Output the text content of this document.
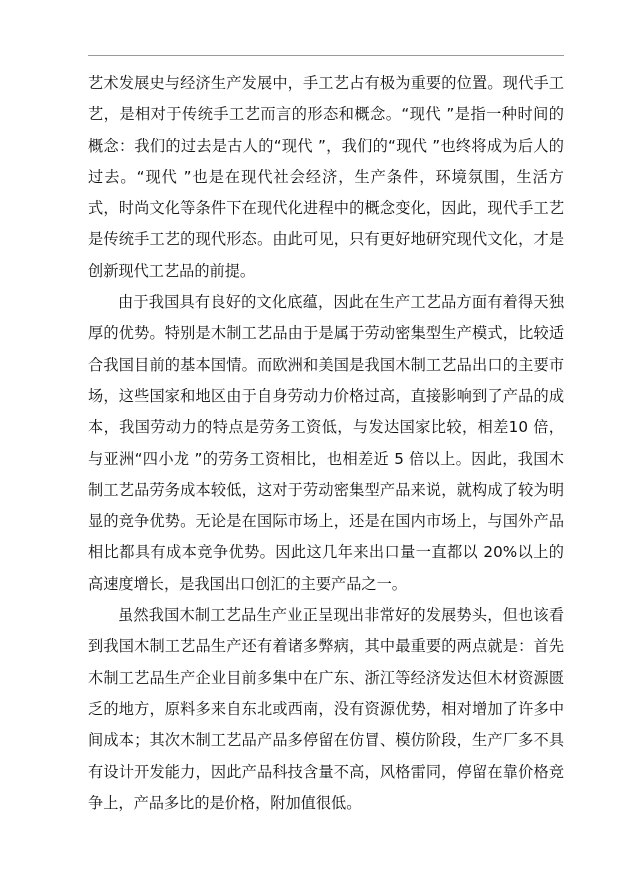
艺术发展史与经济生产发展中，手工艺占有极为重要的位置。现代手工艺，是相对于传统手工艺而言的形态和概念。“现代 ”是指一种时间的概念：我们的过去是古人的“现代 ”，我们的“现代 ”也终将成为后人的过去。“现代 ”也是在现代社会经济，生产条件，环境氛围，生活方式，时尚文化等条件下在现代化进程中的概念变化，因此，现代手工艺是传统手工艺的现代形态。由此可见，只有更好地研究现代文化，才是创新现代工艺品的前提。

由于我国具有良好的文化底蕴，因此在生产工艺品方面有着得天独厚的优势。特别是木制工艺品由于是属于劳动密集型生产模式，比较适合我国目前的基本国情。而欧洲和美国是我国木制工艺品出口的主要市场，这些国家和地区由于自身劳动力价格过高，直接影响到了产品的成本，我国劳动力的特点是劳务工资低，与发达国家比较，相差10 倍，与亚洲“四小龙 ”的劳务工资相比，也相差近 5 倍以上。因此，我国木制工艺品劳务成本较低，这对于劳动密集型产品来说，就构成了较为明显的竞争优势。无论是在国际市场上，还是在国内市场上，与国外产品相比都具有成本竞争优势。因此这几年来出口量一直都以 20%以上的高速度增长，是我国出口创汇的主要产品之一。

虽然我国木制工艺品生产业正呈现出非常好的发展势头，但也该看到我国木制工艺品生产还有着诸多弊病，其中最重要的两点就是：首先木制工艺品生产企业目前多集中在广东、浙江等经济发达但木材资源匮乏的地方，原料多来自东北或西南，没有资源优势，相对增加了许多中间成本；其次木制工艺品产品多停留在仿冒、模仿阶段，生产厂多不具有设计开发能力，因此产品科技含量不高，风格雷同，停留在靠价格竞争上，产品多比的是价格，附加值很低。
